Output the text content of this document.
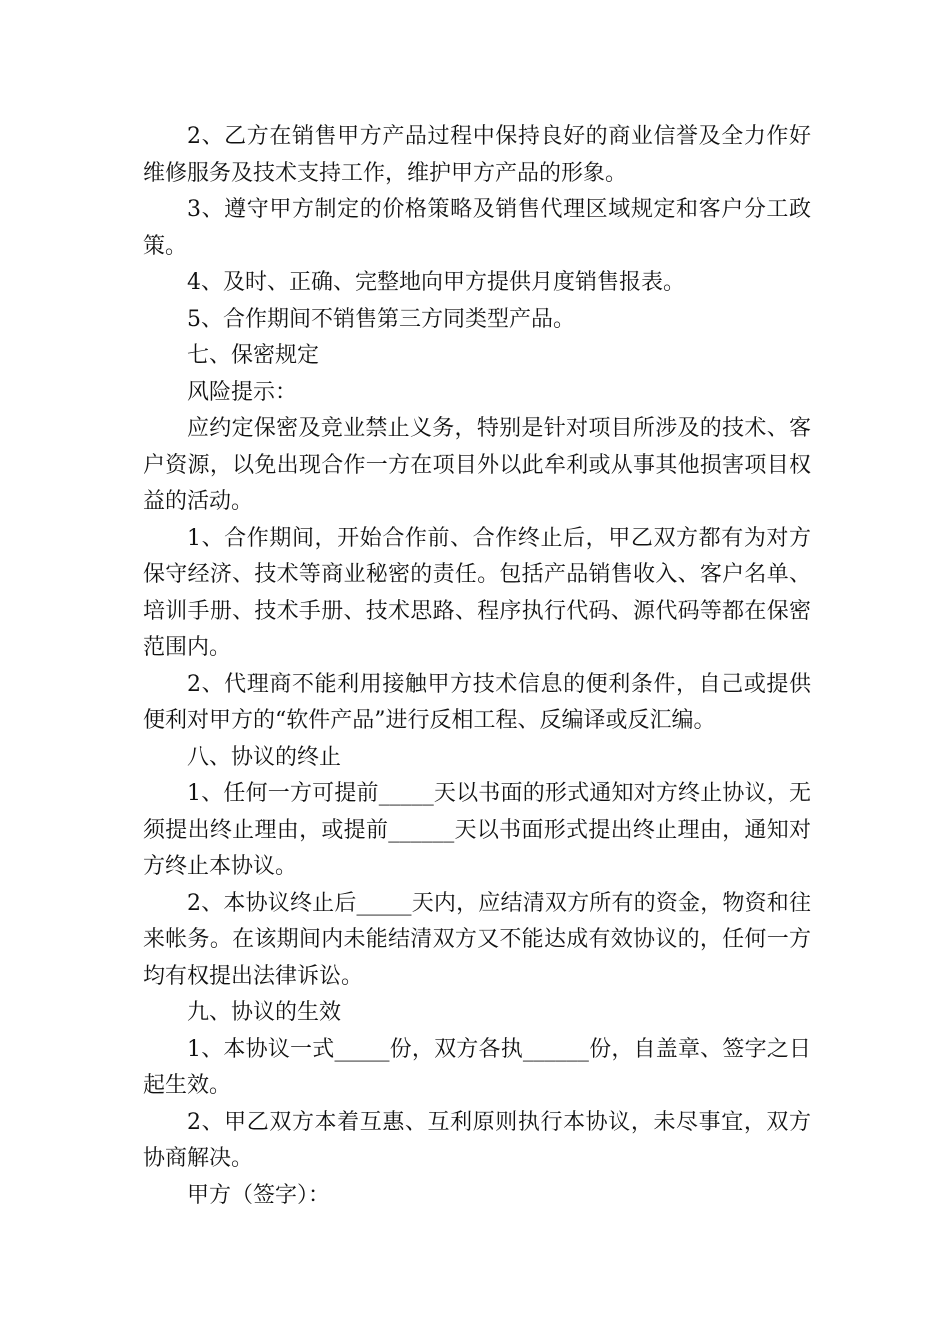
2、乙方在销售甲方产品过程中保持良好的商业信誉及全力作好维修服务及技术支持工作，维护甲方产品的形象。

3、遵守甲方制定的价格策略及销售代理区域规定和客户分工政策。

4、及时、正确、完整地向甲方提供月度销售报表。

5、合作期间不销售第三方同类型产品。

七、保密规定

风险提示：

应约定保密及竞业禁止义务，特别是针对项目所涉及的技术、客户资源，以免出现合作一方在项目外以此牟利或从事其他损害项目权益的活动。

1、合作期间，开始合作前、合作终止后，甲乙双方都有为对方保守经济、技术等商业秘密的责任。包括产品销售收入、客户名单、培训手册、技术手册、技术思路、程序执行代码、源代码等都在保密范围内。

2、代理商不能利用接触甲方技术信息的便利条件，自己或提供便利对甲方的“软件产品”进行反相工程、反编译或反汇编。

八、协议的终止

1、任何一方可提前_____天以书面的形式通知对方终止协议，无须提出终止理由，或提前______天以书面形式提出终止理由，通知对方终止本协议。

2、本协议终止后_____天内，应结清双方所有的资金，物资和往来帐务。在该期间内未能结清双方又不能达成有效协议的，任何一方均有权提出法律诉讼。

九、协议的生效

1、本协议一式_____份，双方各执______份，自盖章、签字之日起生效。

2、甲乙双方本着互惠、互利原则执行本协议，未尽事宜，双方协商解决。

甲方（签字）：
